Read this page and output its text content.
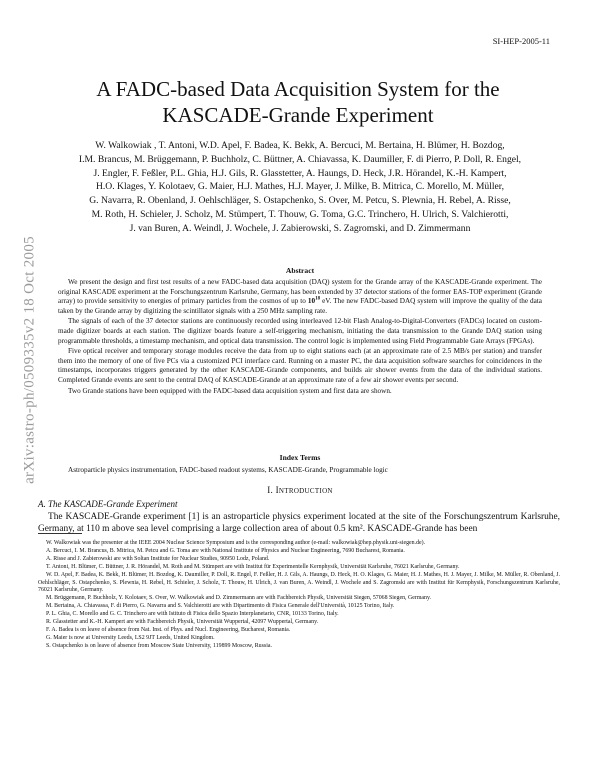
SI-HEP-2005-11
arXiv:astro-ph/0509335v2 18 Oct 2005
A FADC-based Data Acquisition System for the
KASCADE-Grande Experiment
W. Walkowiak , T. Antoni, W.D. Apel, F. Badea, K. Bekk, A. Bercuci, M. Bertaina, H. Blümer, H. Bozdog,
I.M. Brancus, M. Brüggemann, P. Buchholz, C. Büttner, A. Chiavassa, K. Daumiller, F. di Pierro, P. Doll, R. Engel,
J. Engler, F. Feßler, P.L. Ghia, H.J. Gils, R. Glasstetter, A. Haungs, D. Heck, J.R. Hörandel, K.-H. Kampert,
H.O. Klages, Y. Kolotaev, G. Maier, H.J. Mathes, H.J. Mayer, J. Milke, B. Mitrica, C. Morello, M. Müller,
G. Navarra, R. Obenland, J. Oehlschläger, S. Ostapchenko, S. Over, M. Petcu, S. Plewnia, H. Rebel, A. Risse,
M. Roth, H. Schieler, J. Scholz, M. Stümpert, T. Thouw, G. Toma, G.C. Trinchero, H. Ulrich, S. Valchierotti,
J. van Buren, A. Weindl, J. Wochele, J. Zabierowski, S. Zagromski, and D. Zimmermann
Abstract

We present the design and first test results of a new FADC-based data acquisition (DAQ) system for the Grande array of the KASCADE-Grande experiment. The original KASCADE experiment at the Forschungszentrum Karlsruhe, Germany, has been extended by 37 detector stations of the former EAS-TOP experiment (Grande array) to provide sensitivity to energies of primary particles from the cosmos of up to $10^{18}$ eV. The new FADC-based DAQ system will improve the quality of the data taken by the Grande array by digitizing the scintillator signals with a 250 MHz sampling rate.

The signals of each of the 37 detector stations are continuously recorded using interleaved 12-bit Flash Analog-to-Digital-Converters (FADCs) located on custom-made digitizer boards at each station. The digitizer boards feature a self-triggering mechanism, initiating the data transmission to the Grande DAQ station using programmable thresholds, a timestamp mechanism, and optical data transmission. The control logic is implemented using Field Programmable Gate Arrays (FPGAs).

Five optical receiver and temporary storage modules receive the data from up to eight stations each (at an approximate rate of 2.5 MB/s per station) and transfer them into the memory of one of five PCs via a customized PCI interface card. Running on a master PC, the data acquisition software searches for coincidences in the timestamps, incorporates triggers generated by the other KASCADE-Grande components, and builds air shower events from the data of the individual stations. Completed Grande events are sent to the central DAQ of KASCADE-Grande at an approximate rate of a few air shower events per second.

Two Grande stations have been equipped with the FADC-based data acquisition system and first data are shown.

Index Terms
Astroparticle physics instrumentation, FADC-based readout systems, KASCADE-Grande, Programmable logic
I. INTRODUCTION
A. The KASCADE-Grande Experiment
The KASCADE-Grande experiment [1] is an astroparticle physics experiment located at the site of the Forschungszentrum Karlsruhe, Germany, at 110 m above sea level comprising a large collection area of about 0.5 km². KASCADE-Grande has been

W. Walkowiak was the presenter at the IEEE 2004 Nuclear Science Symposium and is the corresponding author (e-mail: walkowiak@hep.physik.uni-siegen.de).

A. Bercuci, I. M. Brancus, B. Mitrica, M. Petcu and G. Toma are with National Institute of Physics and Nuclear Engineering, 7690 Bucharest, Romania.

A. Risse and J. Zabierowski are with Soltan Institute for Nuclear Studies, 90950 Lodz, Poland.

T. Antoni, H. Blümer, C. Büttner, J. R. Hörandel, M. Roth and M. Stümpert are with Institut für Experimentelle Kernphysik, Universität Karlsruhe, 76021 Karlsruhe, Germany.

W. D. Apel, F. Badea, K. Bekk, H. Blümer, H. Bozdog, K. Daumiller, P. Doll, R. Engel, F. Feßler, H. J. Gils, A. Haungs, D. Heck, H. O. Klages, G. Maier, H. J. Mathes, H. J. Mayer, J. Milke, M. Müller, R. Obenland, J. Oehlschläger, S. Ostapchenko, S. Plewnia, H. Rebel, H. Schieler, J. Scholz, T. Thouw, H. Ulrich, J. van Buren, A. Weindl, J. Wochele and S. Zagromski are with Institut für Kernphysik, Forschungszentrum Karlsruhe, 76021 Karlsruhe, Germany.

M. Brüggemann, P. Buchholz, Y. Kolotaev, S. Over, W. Walkowiak and D. Zimmermann are with Fachbereich Physik, Universität Siegen, 57068 Siegen, Germany.

M. Bertaina, A. Chiavassa, F. di Pierro, G. Navarra and S. Valchierotti are with Dipartimento di Fisica Generale dell'Università, 10125 Torino, Italy.

P. L. Ghia, C. Morello and G. C. Trinchero are with Istituto di Fisica dello Spazio Interplanetario, CNR, 10133 Torino, Italy.

R. Glasstetter and K.-H. Kampert are with Fachbereich Physik, Universität Wuppertal, 42097 Wuppertal, Germany.

F. A. Badea is on leave of absence from Nat. Inst. of Phys. and Nucl. Engineering, Bucharest, Romania.

G. Maier is now at University Leeds, LS2 9JT Leeds, United Kingdom.

S. Ostapchenko is on leave of absence from Moscow State University, 119899 Moscow, Russia.
